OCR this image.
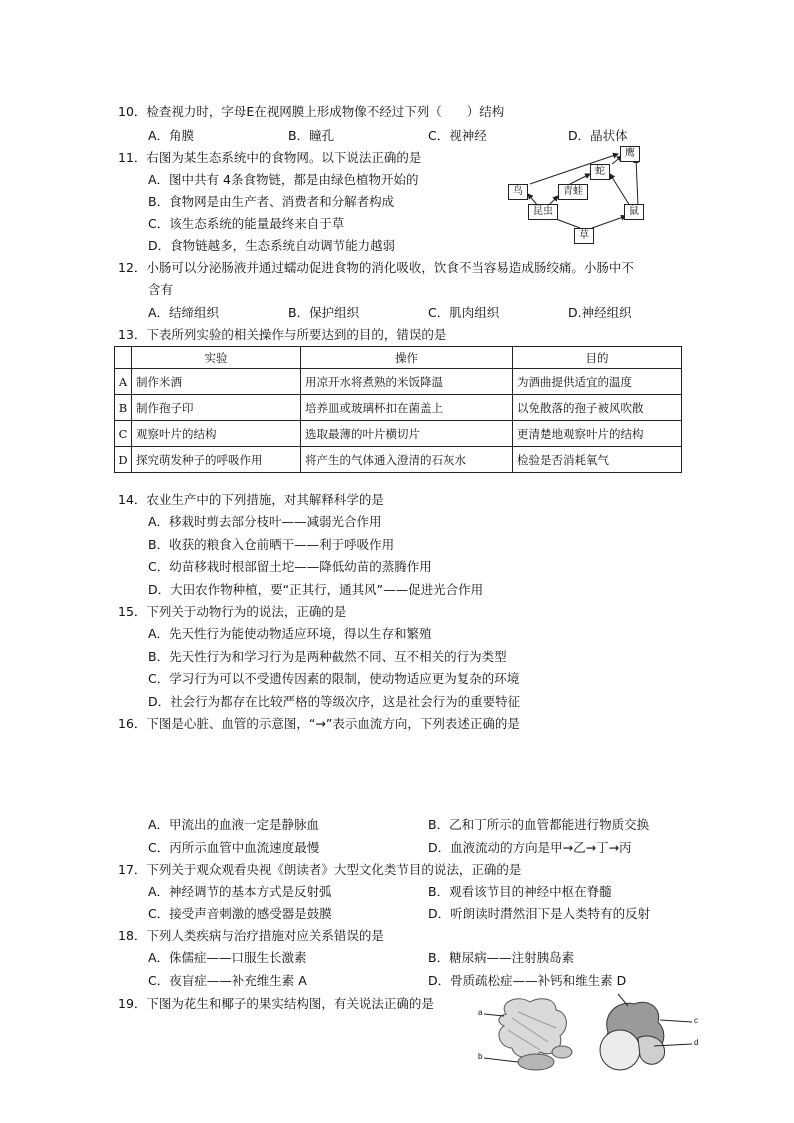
10．检查视力时，字母E在视网膜上形成物像不经过下列（　　）结构
A．角膜	B．瞳孔	C．视神经	D．晶状体
11．右图为某生态系统中的食物网。以下说法正确的是
A．图中共有 4条食物链，都是由绿色植物开始的
B．食物网是由生产者、消费者和分解者构成
C．该生态系统的能量最终来自于草
D．食物链越多，生态系统自动调节能力越弱
鹰
蛇
鸟	青蛙
昆虫	鼠
草
12．小肠可以分泌肠液并通过蠕动促进食物的消化吸收，饮食不当容易造成肠绞痛。小肠中不
含有
A．结缔组织	B．保护组织	C．肌肉组织	D.神经组织
13．下表所列实验的相关操作与所要达到的目的，错误的是
	实验	操作	目的
A	制作米酒	用凉开水将煮熟的米饭降温	为酒曲提供适宜的温度
B	制作孢子印	培养皿或玻璃杯扣在菌盖上	以免散落的孢子被风吹散
C	观察叶片的结构	选取最薄的叶片横切片	更清楚地观察叶片的结构
D	探究萌发种子的呼吸作用	将产生的气体通入澄清的石灰水	检验是否消耗氧气
14．农业生产中的下列措施，对其解释科学的是
A．移栽时剪去部分枝叶——减弱光合作用
B．收获的粮食入仓前晒干——利于呼吸作用
C．幼苗移栽时根部留土坨——降低幼苗的蒸腾作用
D．大田农作物种植，要“正其行，通其风”——促进光合作用
15．下列关于动物行为的说法，正确的是
A．先天性行为能使动物适应环境，得以生存和繁殖
B．先天性行为和学习行为是两种截然不同、互不相关的行为类型
C．学习行为可以不受遗传因素的限制，使动物适应更为复杂的环境
D．社会行为都存在比较严格的等级次序，这是社会行为的重要特征
16．下图是心脏、血管的示意图，“→”表示血流方向，下列表述正确的是
A．甲流出的血液一定是静脉血	B．乙和丁所示的血管都能进行物质交换
C．丙所示血管中血流速度最慢	D．血液流动的方向是甲→乙→丁→丙
17．下列关于观众观看央视《朗读者》大型文化类节目的说法，正确的是
A．神经调节的基本方式是反射弧	B．观看该节目的神经中枢在脊髓
C．接受声音刺激的感受器是鼓膜	D．听朗读时潸然泪下是人类特有的反射
18．下列人类疾病与治疗措施对应关系错误的是
A．侏儒症——口服生长激素	B．糖尿病——注射胰岛素
C．夜盲症——补充维生素 A	D．骨质疏松症——补钙和维生素 D
19．下图为花生和椰子的果实结构图，有关说法正确的是
a
b
c
d
